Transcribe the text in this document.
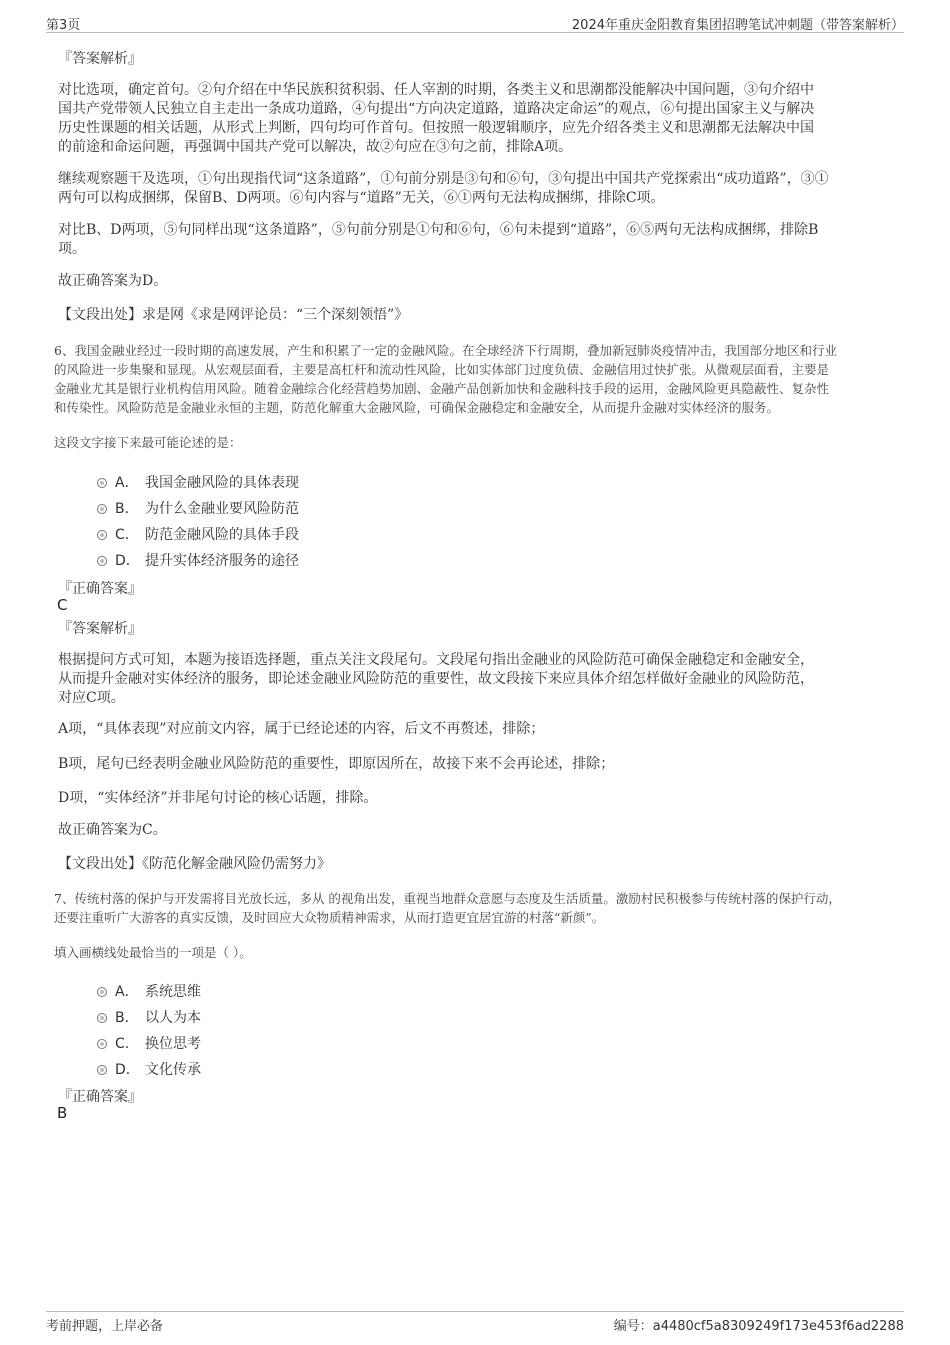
第3页	2024年重庆金阳教育集团招聘笔试冲刺题（带答案解析）
『答案解析』
对比选项，确定首句。②句介绍在中华民族积贫积弱、任人宰割的时期，各类主义和思潮都没能解决中国问题，③句介绍中
国共产党带领人民独立自主走出一条成功道路，④句提出“方向决定道路，道路决定命运”的观点，⑥句提出国家主义与解决
历史性课题的相关话题，从形式上判断，四句均可作首句。但按照一般逻辑顺序，应先介绍各类主义和思潮都无法解决中国
的前途和命运问题，再强调中国共产党可以解决，故②句应在③句之前，排除A项。
继续观察题干及选项，①句出现指代词“这条道路”，①句前分别是③句和⑥句，③句提出中国共产党探索出“成功道路”，③①
两句可以构成捆绑，保留B、D两项。⑥句内容与“道路”无关，⑥①两句无法构成捆绑，排除C项。
对比B、D两项，⑤句同样出现“这条道路”，⑤句前分别是①句和⑥句，⑥句未提到“道路”，⑥⑤两句无法构成捆绑，排除B
项。
故正确答案为D。
【文段出处】求是网《求是网评论员：“三个深刻领悟”》
6、我国金融业经过一段时期的高速发展，产生和积累了一定的金融风险。在全球经济下行周期，叠加新冠肺炎疫情冲击，我国部分地区和行业
的风险进一步集聚和显现。从宏观层面看，主要是高杠杆和流动性风险，比如实体部门过度负债、金融信用过快扩张。从微观层面看，主要是
金融业尤其是银行业机构信用风险。随着金融综合化经营趋势加剧、金融产品创新加快和金融科技手段的运用，金融风险更具隐蔽性、复杂性
和传染性。风险防范是金融业永恒的主题，防范化解重大金融风险，可确保金融稳定和金融安全，从而提升金融对实体经济的服务。
这段文字接下来最可能论述的是：
A． 我国金融风险的具体表现
B． 为什么金融业要风险防范
C． 防范金融风险的具体手段
D． 提升实体经济服务的途径
『正确答案』
C
『答案解析』
根据提问方式可知，本题为接语选择题，重点关注文段尾句。文段尾句指出金融业的风险防范可确保金融稳定和金融安全，
从而提升金融对实体经济的服务，即论述金融业风险防范的重要性，故文段接下来应具体介绍怎样做好金融业的风险防范，
对应C项。
A项，“具体表现”对应前文内容，属于已经论述的内容，后文不再赘述，排除；
B项，尾句已经表明金融业风险防范的重要性，即原因所在，故接下来不会再论述，排除；
D项，“实体经济”并非尾句讨论的核心话题，排除。
故正确答案为C。
【文段出处】《防范化解金融风险仍需努力》
7、传统村落的保护与开发需将目光放长远，多从 的视角出发，重视当地群众意愿与态度及生活质量。激励村民积极参与传统村落的保护行动，
还要注重听广大游客的真实反馈，及时回应大众物质精神需求，从而打造更宜居宜游的村落“新颜”。
填入画横线处最恰当的一项是（ ）。
A． 系统思维
B． 以人为本
C． 换位思考
D． 文化传承
『正确答案』
B
考前押题，上岸必备	编号：a4480cf5a8309249f173e453f6ad2288
